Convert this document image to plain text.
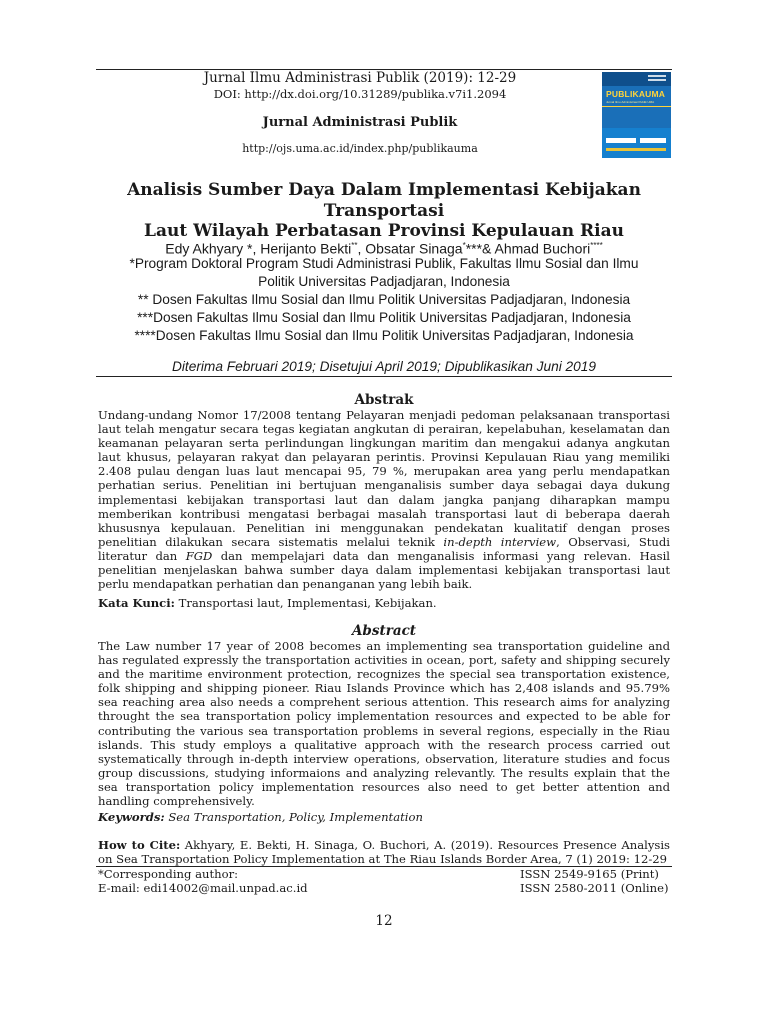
Jurnal Ilmu Administrasi Publik (2019): 12-29
DOI: http://dx.doi.org/10.31289/publika.v7i1.2094
Jurnal Administrasi Publik
http://ojs.uma.ac.id/index.php/publikauma
PUBLIKAUMA
Jurnal Ilmu Administrasi Publik UMA
Analisis Sumber Daya Dalam Implementasi Kebijakan Transportasi
Laut Wilayah Perbatasan Provinsi Kepulauan Riau
Edy Akhyary *, Herijanto Bekti**, Obsatar Sinaga****& Ahmad Buchori****
*Program Doktoral Program Studi Administrasi Publik, Fakultas Ilmu Sosial dan Ilmu
Politik Universitas Padjadjaran, Indonesia
** Dosen Fakultas Ilmu Sosial dan Ilmu Politik Universitas Padjadjaran, Indonesia
***Dosen Fakultas Ilmu Sosial dan Ilmu Politik Universitas Padjadjaran, Indonesia
****Dosen Fakultas Ilmu Sosial dan Ilmu Politik Universitas Padjadjaran, Indonesia
Diterima Februari 2019; Disetujui April 2019; Dipublikasikan Juni 2019
Abstrak
Undang-undang Nomor 17/2008 tentang Pelayaran menjadi pedoman pelaksanaan transportasi laut telah mengatur secara tegas kegiatan angkutan di perairan, kepelabuhan, keselamatan dan keamanan pelayaran serta perlindungan lingkungan maritim dan mengakui adanya angkutan laut khusus, pelayaran rakyat dan pelayaran perintis. Provinsi Kepulauan Riau yang memiliki 2.408 pulau dengan luas laut mencapai 95, 79 %, merupakan area yang perlu mendapatkan perhatian serius. Penelitian ini bertujuan menganalisis sumber daya sebagai daya dukung implementasi kebijakan transportasi laut dan dalam jangka panjang diharapkan mampu memberikan kontribusi mengatasi berbagai masalah transportasi laut di beberapa daerah khususnya kepulauan. Penelitian ini menggunakan pendekatan kualitatif dengan proses penelitian dilakukan secara sistematis melalui teknik in-depth interview, Observasi, Studi literatur dan FGD dan mempelajari data dan menganalisis informasi yang relevan. Hasil penelitian menjelaskan bahwa sumber daya dalam implementasi kebijakan transportasi laut perlu mendapatkan perhatian dan penanganan yang lebih baik.
Kata Kunci: Transportasi laut, Implementasi, Kebijakan.
Abstract
The Law number 17 year of 2008 becomes an implementing sea transportation guideline and has regulated expressly the transportation activities in ocean, port, safety and shipping securely and the maritime environment protection, recognizes the special sea transportation existence, folk shipping and shipping pioneer. Riau Islands Province which has 2,408 islands and 95.79% sea reaching area also needs a comprehent serious attention. This research aims for analyzing throught the sea transportation policy implementation resources and expected to be able for contributing the various sea transportation problems in several regions, especially in the Riau islands. This study employs a qualitative approach with the research process carried out systematically through in-depth interview operations, observation, literature studies and focus group discussions, studying informaions and analyzing relevantly. The results explain that the sea transportation policy implementation resources also need to get better attention and handling comprehensively.
Keywords: Sea Transportation, Policy, Implementation
How to Cite: Akhyary, E. Bekti, H. Sinaga, O. Buchori, A. (2019). Resources Presence Analysis on Sea Transportation Policy Implementation at The Riau Islands Border Area, 7 (1) 2019: 12-29
*Corresponding author:
E-mail: edi14002@mail.unpad.ac.id
ISSN 2549-9165 (Print)
ISSN 2580-2011 (Online)
12
